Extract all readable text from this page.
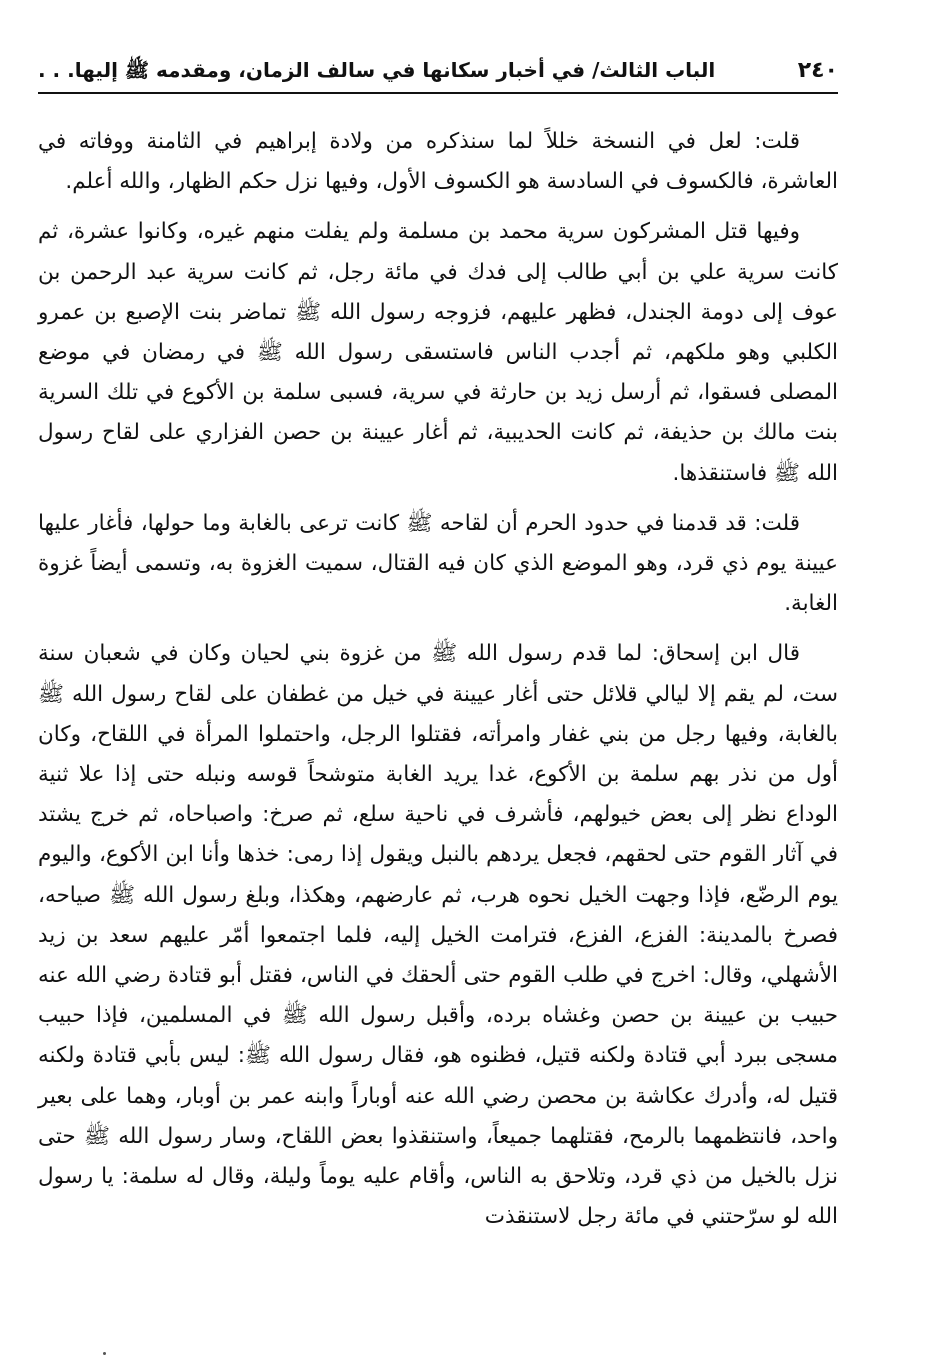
٢٤٠
الباب الثالث/ في أخبار سكانها في سالف الزمان، ومقدمه ﷺ إليها. . .

قلت: لعل في النسخة خللاً لما سنذكره من ولادة إبراهيم في الثامنة ووفاته في العاشرة، فالكسوف في السادسة هو الكسوف الأول، وفيها نزل حكم الظهار، والله أعلم.

وفيها قتل المشركون سرية محمد بن مسلمة ولم يفلت منهم غيره، وكانوا عشرة، ثم كانت سرية علي بن أبي طالب إلى فدك في مائة رجل، ثم كانت سرية عبد الرحمن بن عوف إلى دومة الجندل، فظهر عليهم، فزوجه رسول الله ﷺ تماضر بنت الإصبع بن عمرو الكلبي وهو ملكهم، ثم أجدب الناس فاستسقى رسول الله ﷺ في رمضان في موضع المصلى فسقوا، ثم أرسل زيد بن حارثة في سرية، فسبى سلمة بن الأكوع في تلك السرية بنت مالك بن حذيفة، ثم كانت الحديبية، ثم أغار عيينة بن حصن الفزاري على لقاح رسول الله ﷺ فاستنقذها.

قلت: قد قدمنا في حدود الحرم أن لقاحه ﷺ كانت ترعى بالغابة وما حولها، فأغار عليها عيينة يوم ذي قرد، وهو الموضع الذي كان فيه القتال، سميت الغزوة به، وتسمى أيضاً غزوة الغابة.

قال ابن إسحاق: لما قدم رسول الله ﷺ من غزوة بني لحيان وكان في شعبان سنة ست، لم يقم إلا ليالي قلائل حتى أغار عيينة في خيل من غطفان على لقاح رسول الله ﷺ بالغابة، وفيها رجل من بني غفار وامرأته، فقتلوا الرجل، واحتملوا المرأة في اللقاح، وكان أول من نذر بهم سلمة بن الأكوع، غدا يريد الغابة متوشحاً قوسه ونبله حتى إذا علا ثنية الوداع نظر إلى بعض خيولهم، فأشرف في ناحية سلع، ثم صرخ: واصباحاه، ثم خرج يشتد في آثار القوم حتى لحقهم، فجعل يردهم بالنبل ويقول إذا رمى: خذها وأنا ابن الأكوع، واليوم يوم الرضّع، فإذا وجهت الخيل نحوه هرب، ثم عارضهم، وهكذا، وبلغ رسول الله ﷺ صياحه، فصرخ بالمدينة: الفزع، الفزع، فترامت الخيل إليه، فلما اجتمعوا أمّر عليهم سعد بن زيد الأشهلي، وقال: اخرج في طلب القوم حتى ألحقك في الناس، فقتل أبو قتادة رضي الله عنه حبيب بن عيينة بن حصن وغشاه برده، وأقبل رسول الله ﷺ في المسلمين، فإذا حبيب مسجى ببرد أبي قتادة ولكنه قتيل، فظنوه هو، فقال رسول الله ﷺ: ليس بأبي قتادة ولكنه قتيل له، وأدرك عكاشة بن محصن رضي الله عنه أوباراً وابنه عمر بن أوبار، وهما على بعير واحد، فانتظمهما بالرمح، فقتلهما جميعاً، واستنقذوا بعض اللقاح، وسار رسول الله ﷺ حتى نزل بالخيل من ذي قرد، وتلاحق به الناس، وأقام عليه يوماً وليلة، وقال له سلمة: يا رسول الله لو سرّحتني في مائة رجل لاستنقذت
